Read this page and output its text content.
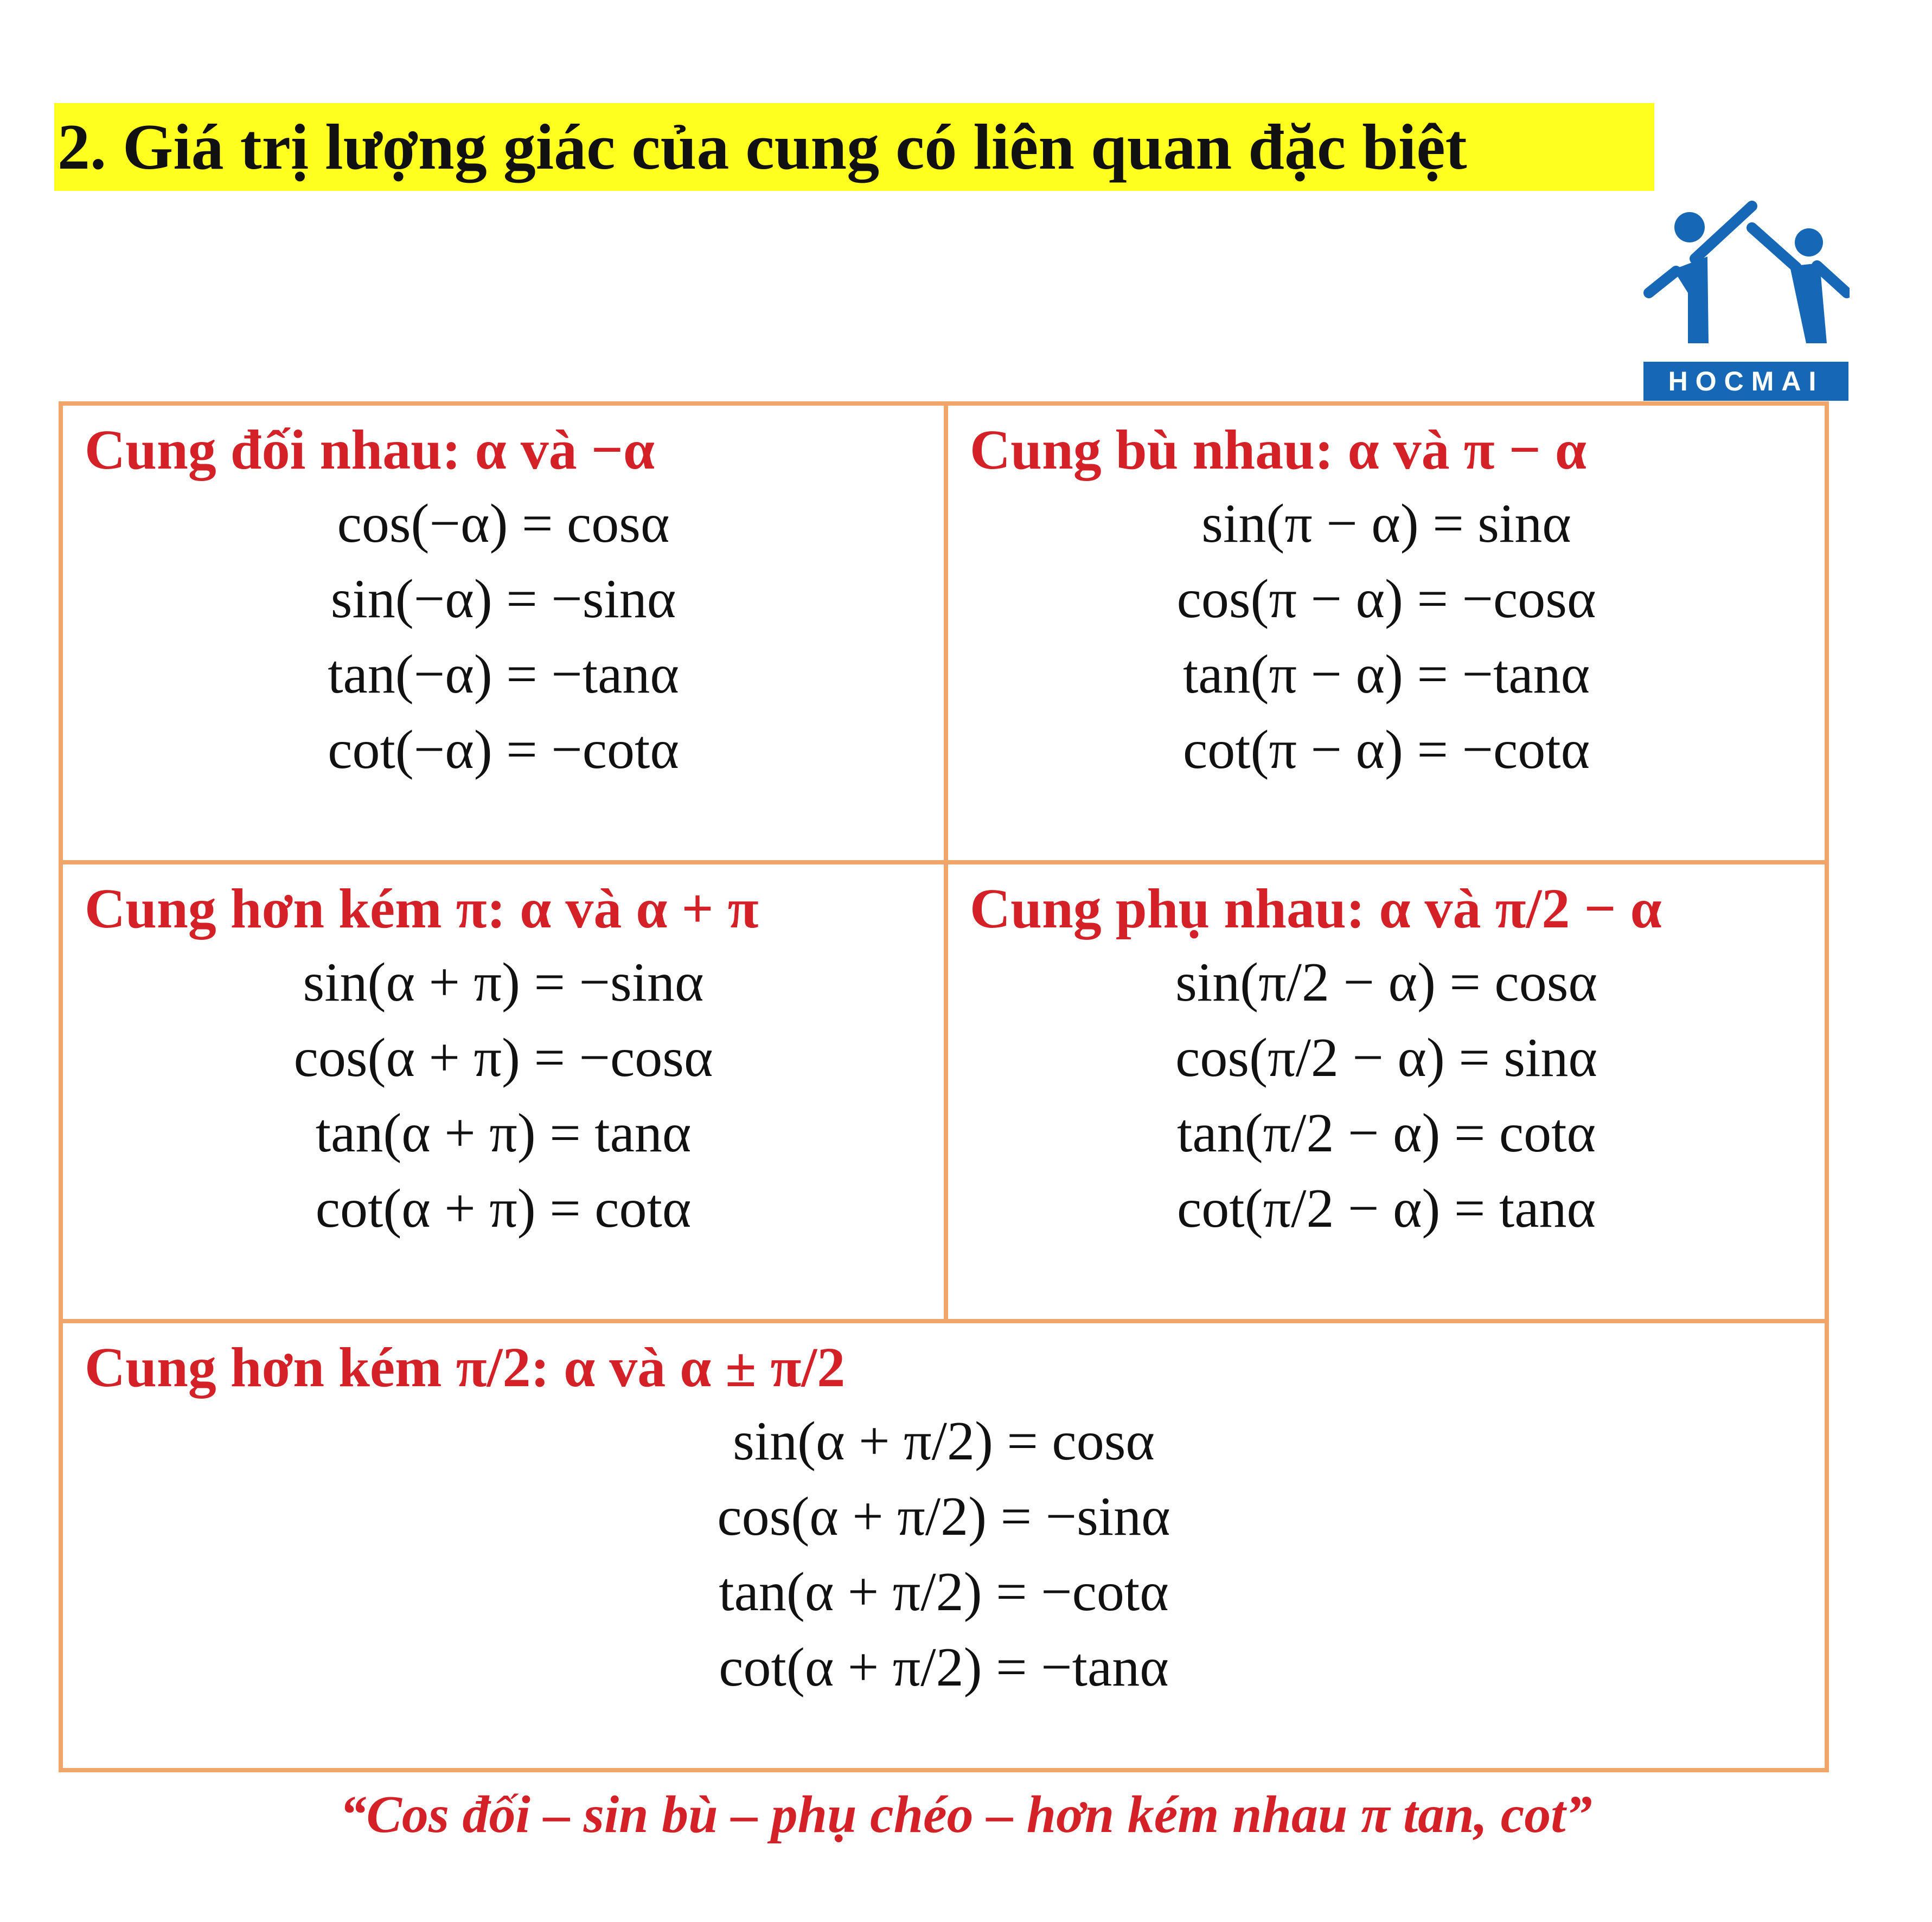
2. Giá trị lượng giác của cung có liên quan đặc biệt
HOCMAI
Cung đối nhau: α và −α
cos(−α) = cosα
sin(−α) = −sinα
tan(−α) = −tanα
cot(−α) = −cotα
Cung bù nhau: α và π − α
sin(π − α) = sinα
cos(π − α) = −cosα
tan(π − α) = −tanα
cot(π − α) = −cotα
Cung hơn kém π: α và α + π
sin(α + π) = −sinα
cos(α + π) = −cosα
tan(α + π) = tanα
cot(α + π) = cotα
Cung phụ nhau: α và π/2 − α
sin(π/2 − α) = cosα
cos(π/2 − α) = sinα
tan(π/2 − α) = cotα
cot(π/2 − α) = tanα
Cung hơn kém π/2: α và α ± π/2
sin(α + π/2) = cosα
cos(α + π/2) = −sinα
tan(α + π/2) = −cotα
cot(α + π/2) = −tanα
“Cos đối – sin bù – phụ chéo – hơn kém nhau π tan, cot”
